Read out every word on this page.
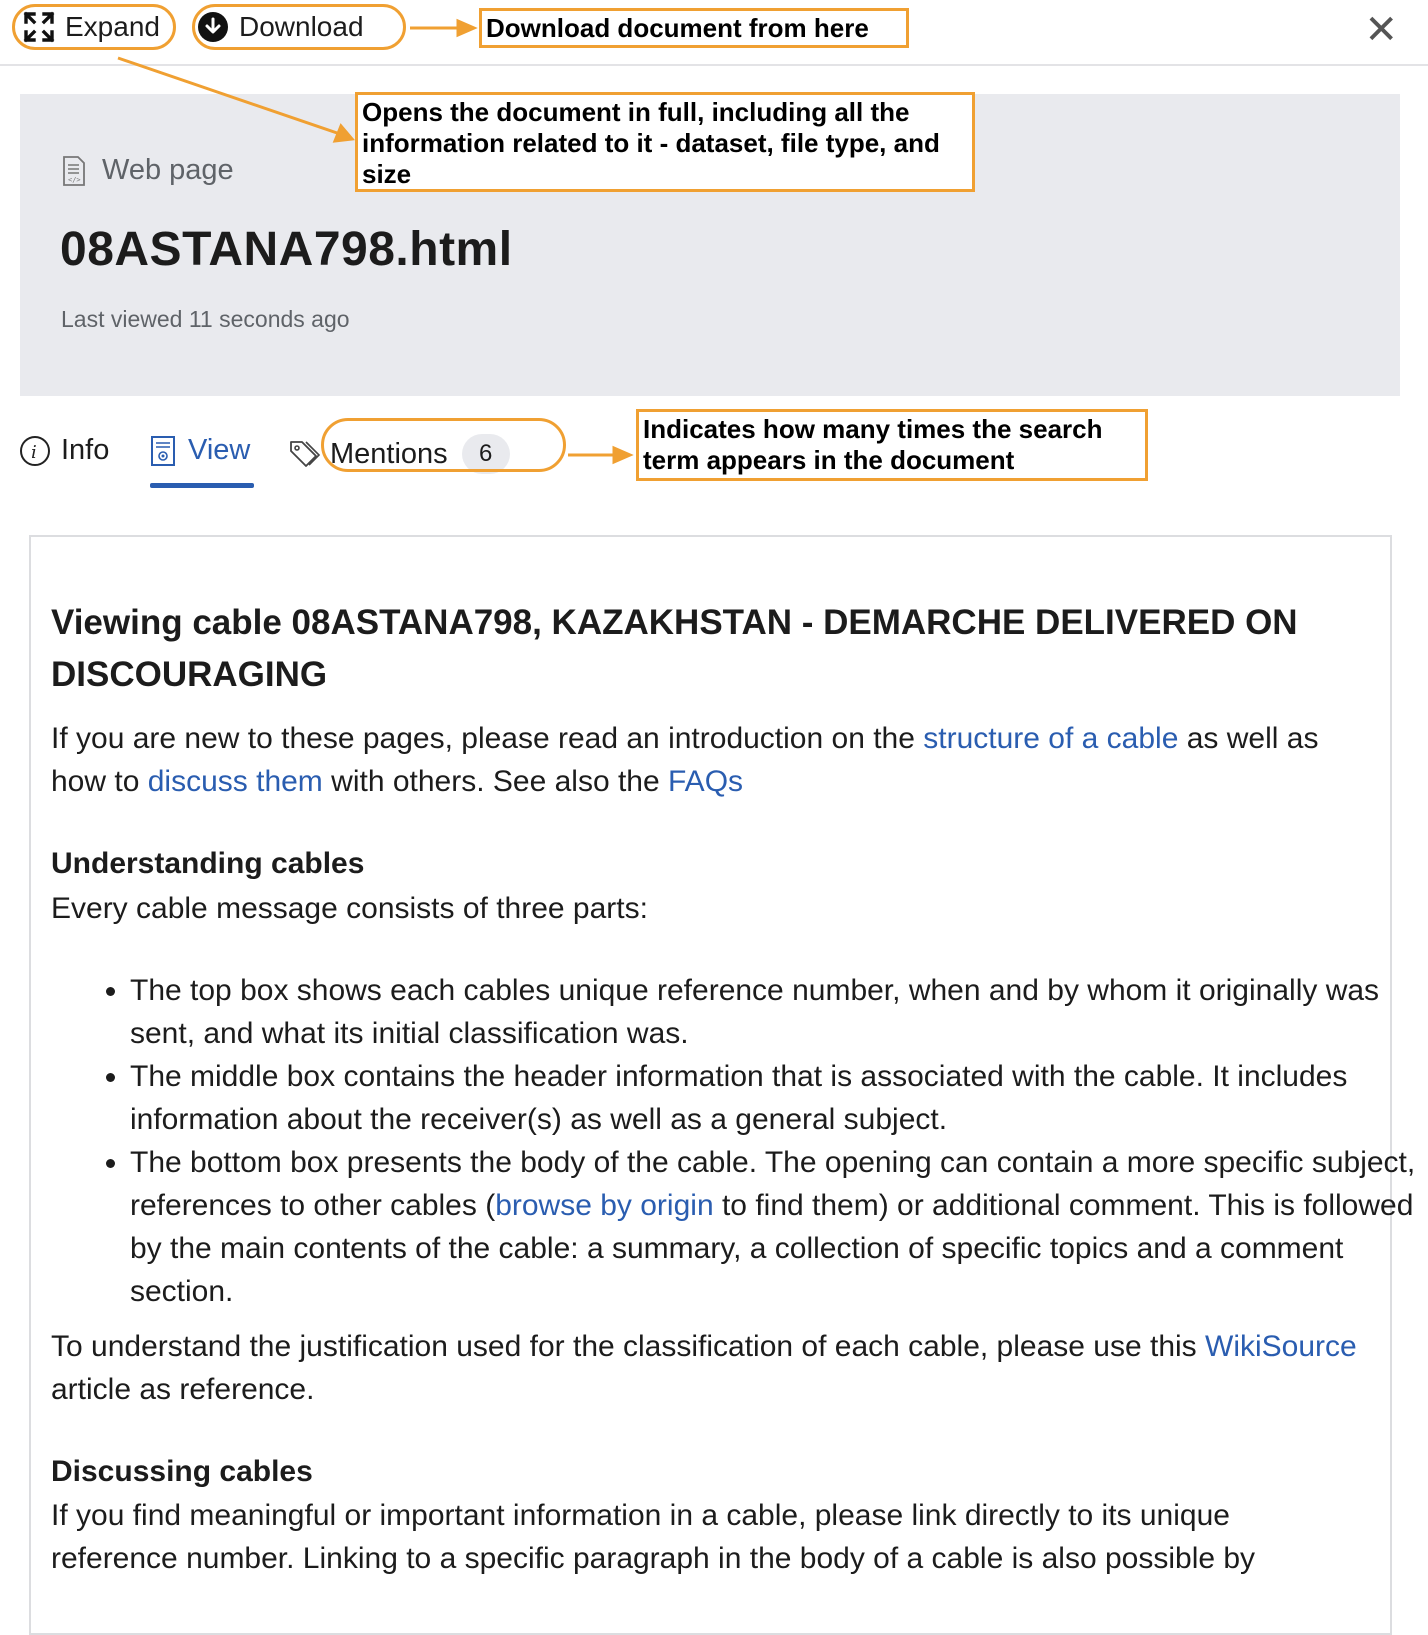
Expand	Download	Download document from here	✕
</> Web page
08ASTANA798.html
Last viewed 11 seconds ago
Opens the document in full, including all the information related to it - dataset, file type, and size
i Info	View	Mentions	6
Indicates how many times the search term appears in the document
Viewing cable 08ASTANA798, KAZAKHSTAN - DEMARCHE DELIVERED ON DISCOURAGING
If you are new to these pages, please read an introduction on the structure of a cable as well as how to discuss them with others. See also the FAQs
Understanding cables
Every cable message consists of three parts:
• The top box shows each cables unique reference number, when and by whom it originally was sent, and what its initial classification was.
• The middle box contains the header information that is associated with the cable. It includes information about the receiver(s) as well as a general subject.
• The bottom box presents the body of the cable. The opening can contain a more specific subject, references to other cables (browse by origin to find them) or additional comment. This is followed by the main contents of the cable: a summary, a collection of specific topics and a comment section.
To understand the justification used for the classification of each cable, please use this WikiSource article as reference.
Discussing cables
If you find meaningful or important information in a cable, please link directly to its unique reference number. Linking to a specific paragraph in the body of a cable is also possible by
